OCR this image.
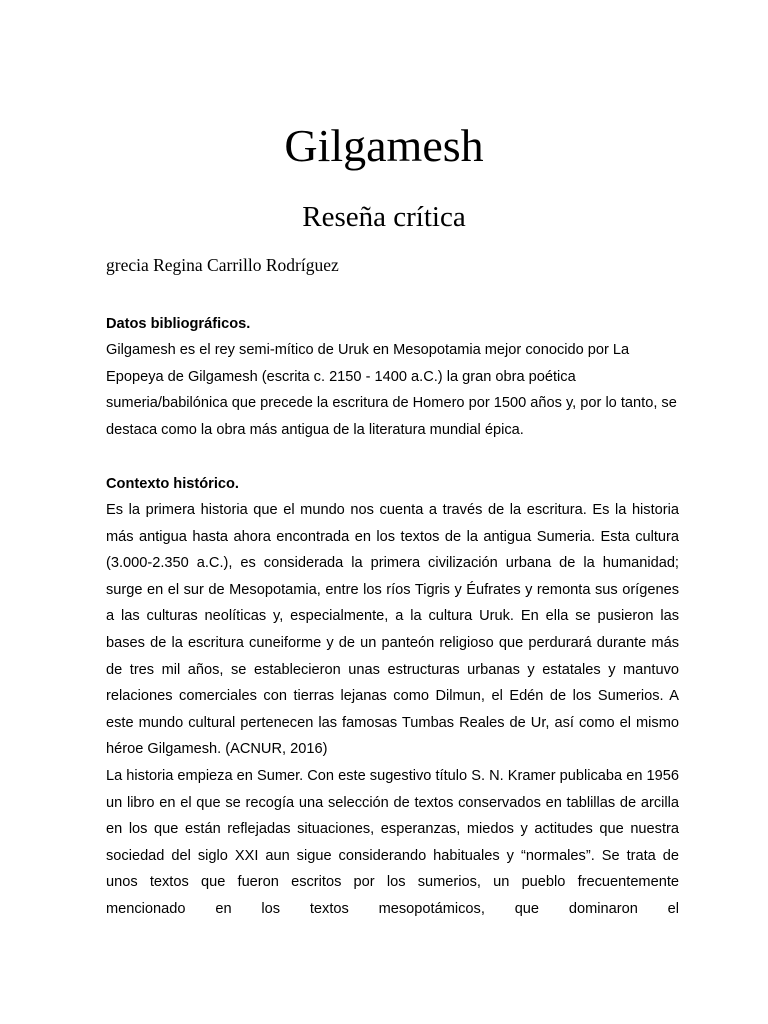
Gilgamesh
Reseña crítica

grecia Regina Carrillo Rodríguez

Datos bibliográficos.

Gilgamesh es el rey semi-mítico de Uruk en Mesopotamia mejor conocido por La Epopeya de Gilgamesh (escrita c. 2150 - 1400 a.C.) la gran obra poética sumeria/babilónica que precede la escritura de Homero por 1500 años y, por lo tanto, se destaca como la obra más antigua de la literatura mundial épica.

Contexto histórico.

Es la primera historia que el mundo nos cuenta a través de la escritura. Es la historia más antigua hasta ahora encontrada en los textos de la antigua Sumeria. Esta cultura (3.000-2.350 a.C.), es considerada la primera civilización urbana de la humanidad; surge en el sur de Mesopotamia, entre los ríos Tigris y Éufrates y remonta sus orígenes a las culturas neolíticas y, especialmente, a la cultura Uruk. En ella se pusieron las bases de la escritura cuneiforme y de un panteón religioso que perdurará durante más de tres mil años, se establecieron unas estructuras urbanas y estatales y mantuvo relaciones comerciales con tierras lejanas como Dilmun, el Edén de los Sumerios. A este mundo cultural pertenecen las famosas Tumbas Reales de Ur, así como el mismo héroe Gilgamesh. (ACNUR, 2016)

La historia empieza en Sumer. Con este sugestivo título S. N. Kramer publicaba en 1956 un libro en el que se recogía una selección de textos conservados en tablillas de arcilla en los que están reflejadas situaciones, esperanzas, miedos y actitudes que nuestra sociedad del siglo XXI aun sigue considerando habituales y “normales”. Se trata de unos textos que fueron escritos por los sumerios, un pueblo frecuentemente mencionado en los textos mesopotámicos, que dominaron el
